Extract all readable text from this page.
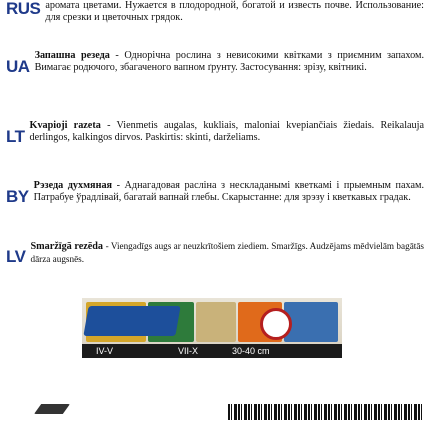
RUS ароматa цветами. Нужается в плодородной, богатой и известь почве. Использование: для срезки и цветочных грядок.
UA
Запашна резеда - Однорічна рослина з невисокими квітками з приємним запахом. Вимагає родючого, збагаченого вапном ґрунту. Застосування: зрізу, квітникі.
LT
Kvapioji razeta - Vienmetis augalas, kukliais, maloniai kvepiančiais žiedais. Reikalauja derlingos, kalkingos dirvos. Paskirtis: skinti, darželiams.
BY
Рэзеда духмяная - Аднагадовая расліна з нескладанымі кветкамі і прыемным пахам. Патрабуе ўрадлівай, багатай вапнай глебы. Скарыстанне: для зрэзу і кветкавых градак.
LV
Smaržīgā rezēda - Viengadīgs augs ar neuzkrītošiem ziediem. Smaržīgs. Audzējams mēdvielām bagātās dārza augsnēs.
IV-V	VII-X	30-40 cm
